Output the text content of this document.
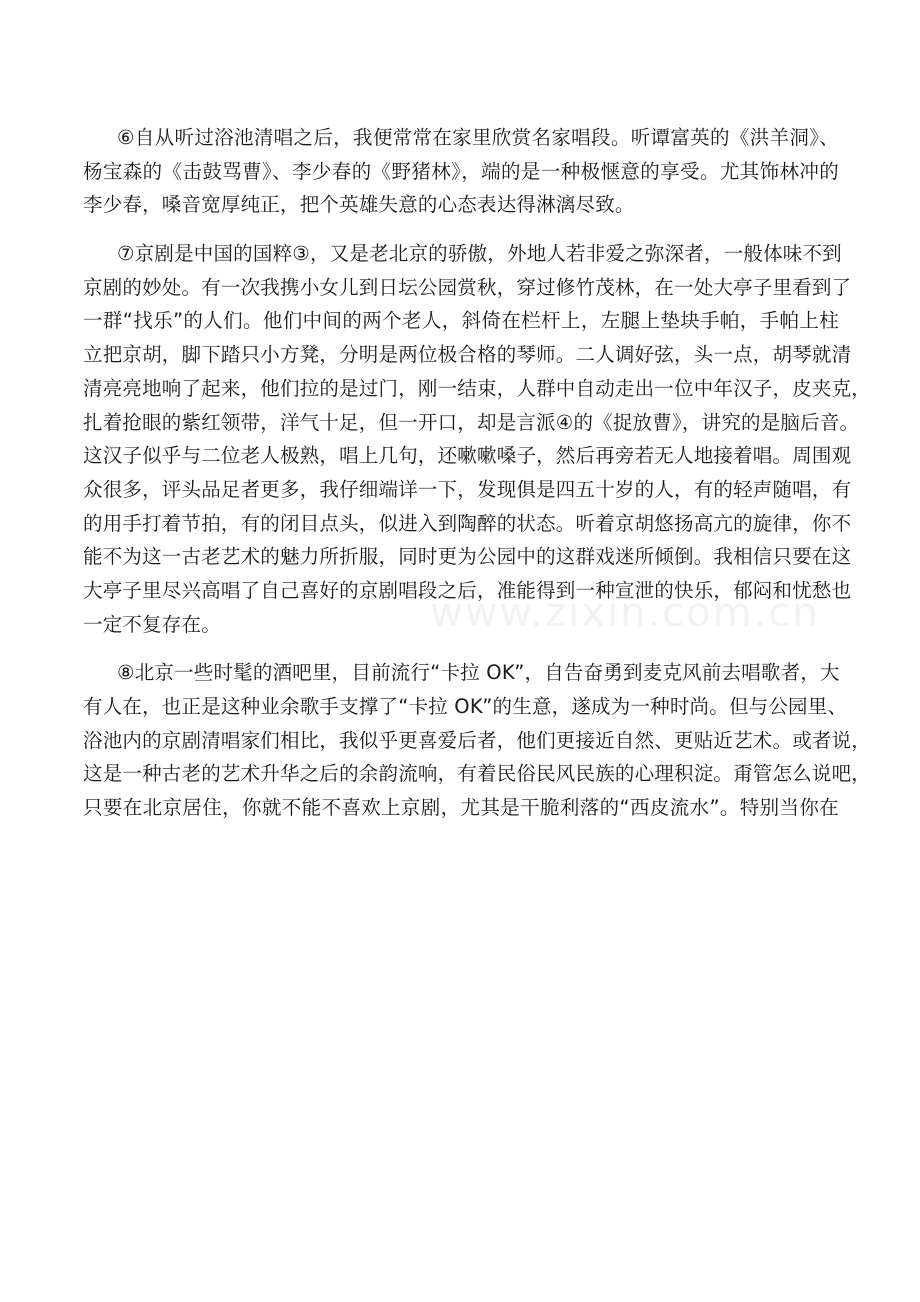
www.zixin.com.cn
⑥自从听过浴池清唱之后，我便常常在家里欣赏名家唱段。听谭富英的《洪羊洞》、
杨宝森的《击鼓骂曹》、李少春的《野猪林》，端的是一种极惬意的享受。尤其饰林冲的
李少春，嗓音宽厚纯正，把个英雄失意的心态表达得淋漓尽致。
⑦京剧是中国的国粹③，又是老北京的骄傲，外地人若非爱之弥深者，一般体味不到
京剧的妙处。有一次我携小女儿到日坛公园赏秋，穿过修竹茂林，在一处大亭子里看到了
一群“找乐”的人们。他们中间的两个老人，斜倚在栏杆上，左腿上垫块手帕，手帕上柱
立把京胡，脚下踏只小方凳，分明是两位极合格的琴师。二人调好弦，头一点，胡琴就清
清亮亮地响了起来，他们拉的是过门，刚一结束，人群中自动走出一位中年汉子，皮夹克，
扎着抢眼的紫红领带，洋气十足，但一开口，却是言派④的《捉放曹》，讲究的是脑后音。
这汉子似乎与二位老人极熟，唱上几句，还嗽嗽嗓子，然后再旁若无人地接着唱。周围观
众很多，评头品足者更多，我仔细端详一下，发现俱是四五十岁的人，有的轻声随唱，有
的用手打着节拍，有的闭目点头，似进入到陶醉的状态。听着京胡悠扬高亢的旋律，你不
能不为这一古老艺术的魅力所折服，同时更为公园中的这群戏迷所倾倒。我相信只要在这
大亭子里尽兴高唱了自己喜好的京剧唱段之后，准能得到一种宣泄的快乐，郁闷和忧愁也
一定不复存在。
⑧北京一些时髦的酒吧里，目前流行“卡拉 OK”，自告奋勇到麦克风前去唱歌者，大
有人在，也正是这种业余歌手支撑了“卡拉 OK”的生意，遂成为一种时尚。但与公园里、
浴池内的京剧清唱家们相比，我似乎更喜爱后者，他们更接近自然、更贴近艺术。或者说，
这是一种古老的艺术升华之后的余韵流响，有着民俗民风民族的心理积淀。甭管怎么说吧，
只要在北京居住，你就不能不喜欢上京剧，尤其是干脆利落的“西皮流水”。特别当你在
